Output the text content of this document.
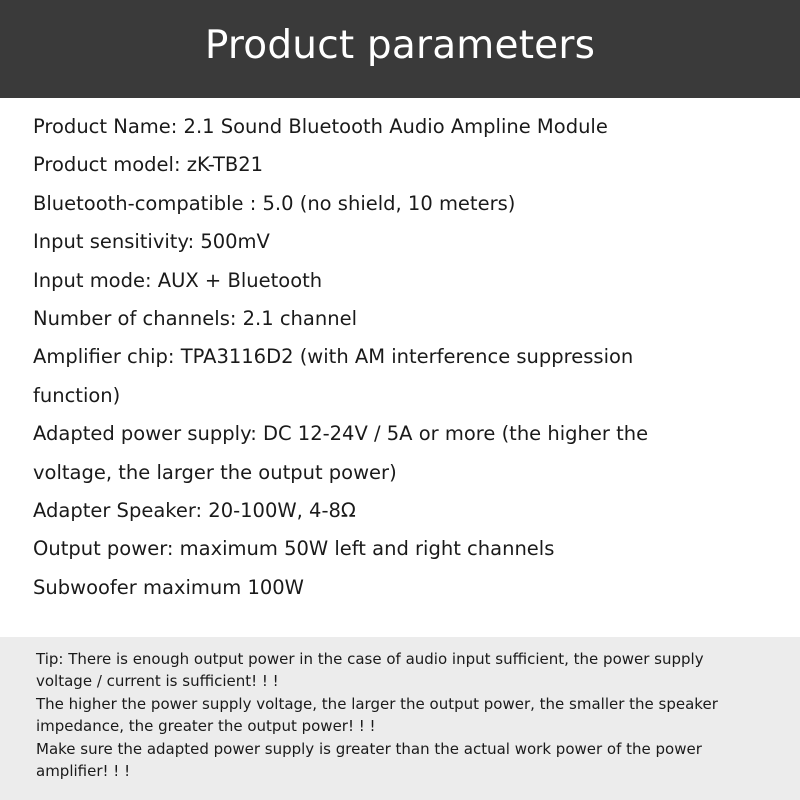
Product parameters
Product Name: 2.1 Sound Bluetooth Audio Ampline Module
Product model: zK-TB21
Bluetooth-compatible : 5.0 (no shield, 10 meters)
Input sensitivity: 500mV
Input mode: AUX + Bluetooth
Number of channels: 2.1 channel
Amplifier chip: TPA3116D2 (with AM interference suppression
function)
Adapted power supply: DC 12-24V / 5A or more (the higher the
voltage, the larger the output power)
Adapter Speaker: 20-100W, 4-8Ω
Output power: maximum 50W left and right channels
Subwoofer maximum 100W
Tip: There is enough output power in the case of audio input sufficient, the power supply
voltage / current is sufficient! ! !
The higher the power supply voltage, the larger the output power, the smaller the speaker
impedance, the greater the output power! ! !
Make sure the adapted power supply is greater than the actual work power of the power
amplifier! ! !
